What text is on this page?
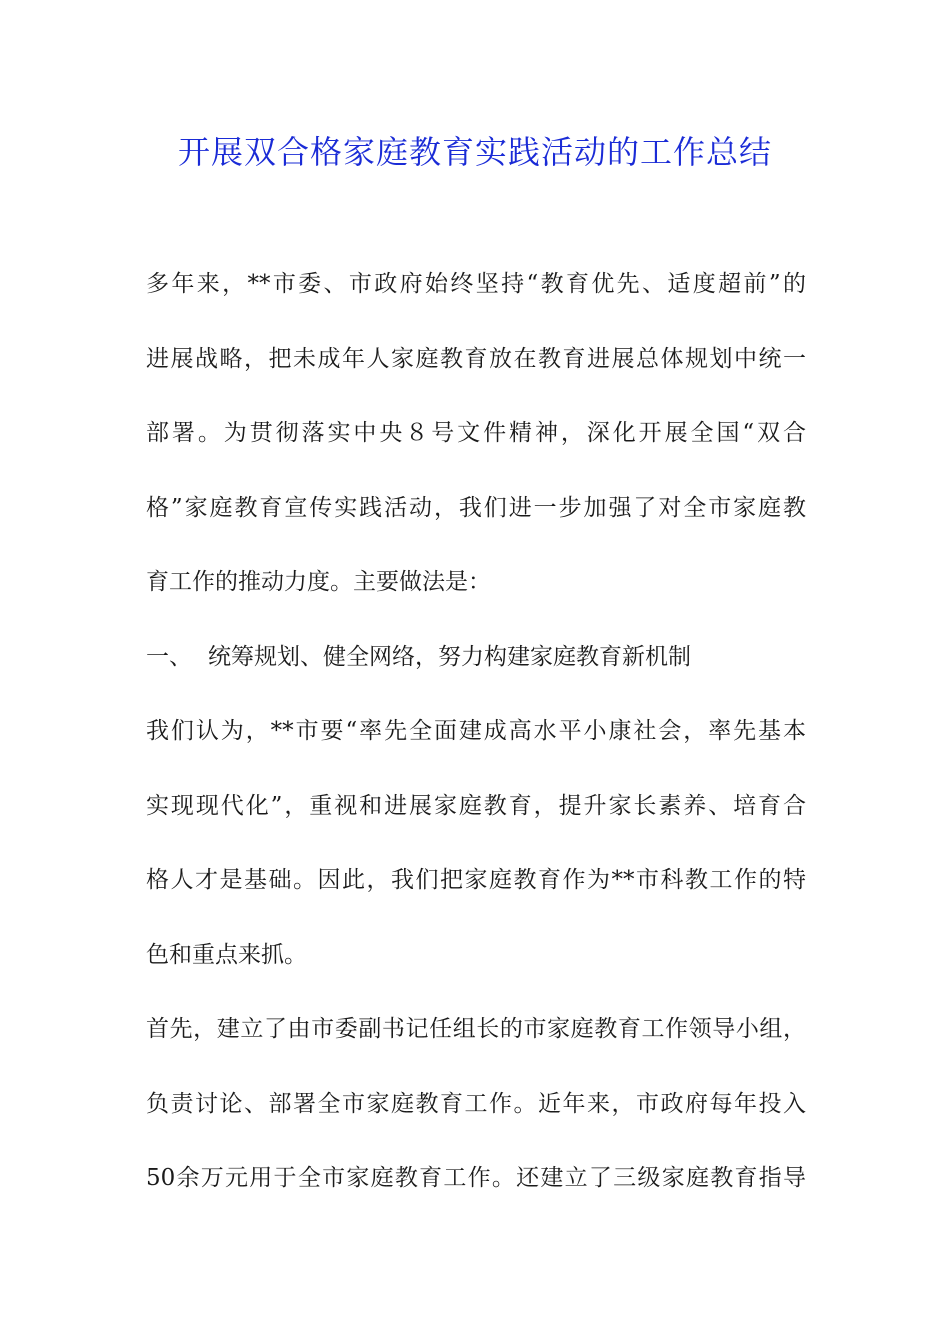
开展双合格家庭教育实践活动的工作总结
多年来，**市委、市政府始终坚持“教育优先、适度超前”的
进展战略，把未成年人家庭教育放在教育进展总体规划中统一
部署。为贯彻落实中央８号文件精神，深化开展全国“双合
格”家庭教育宣传实践活动，我们进一步加强了对全市家庭教
育工作的推动力度。主要做法是：
一、 统筹规划、健全网络，努力构建家庭教育新机制
我们认为，**市要“率先全面建成高水平小康社会，率先基本
实现现代化”，重视和进展家庭教育，提升家长素养、培育合
格人才是基础。因此，我们把家庭教育作为**市科教工作的特
色和重点来抓。
首先，建立了由市委副书记任组长的市家庭教育工作领导小组，
负责讨论、部署全市家庭教育工作。近年来，市政府每年投入
50余万元用于全市家庭教育工作。还建立了三级家庭教育指导
